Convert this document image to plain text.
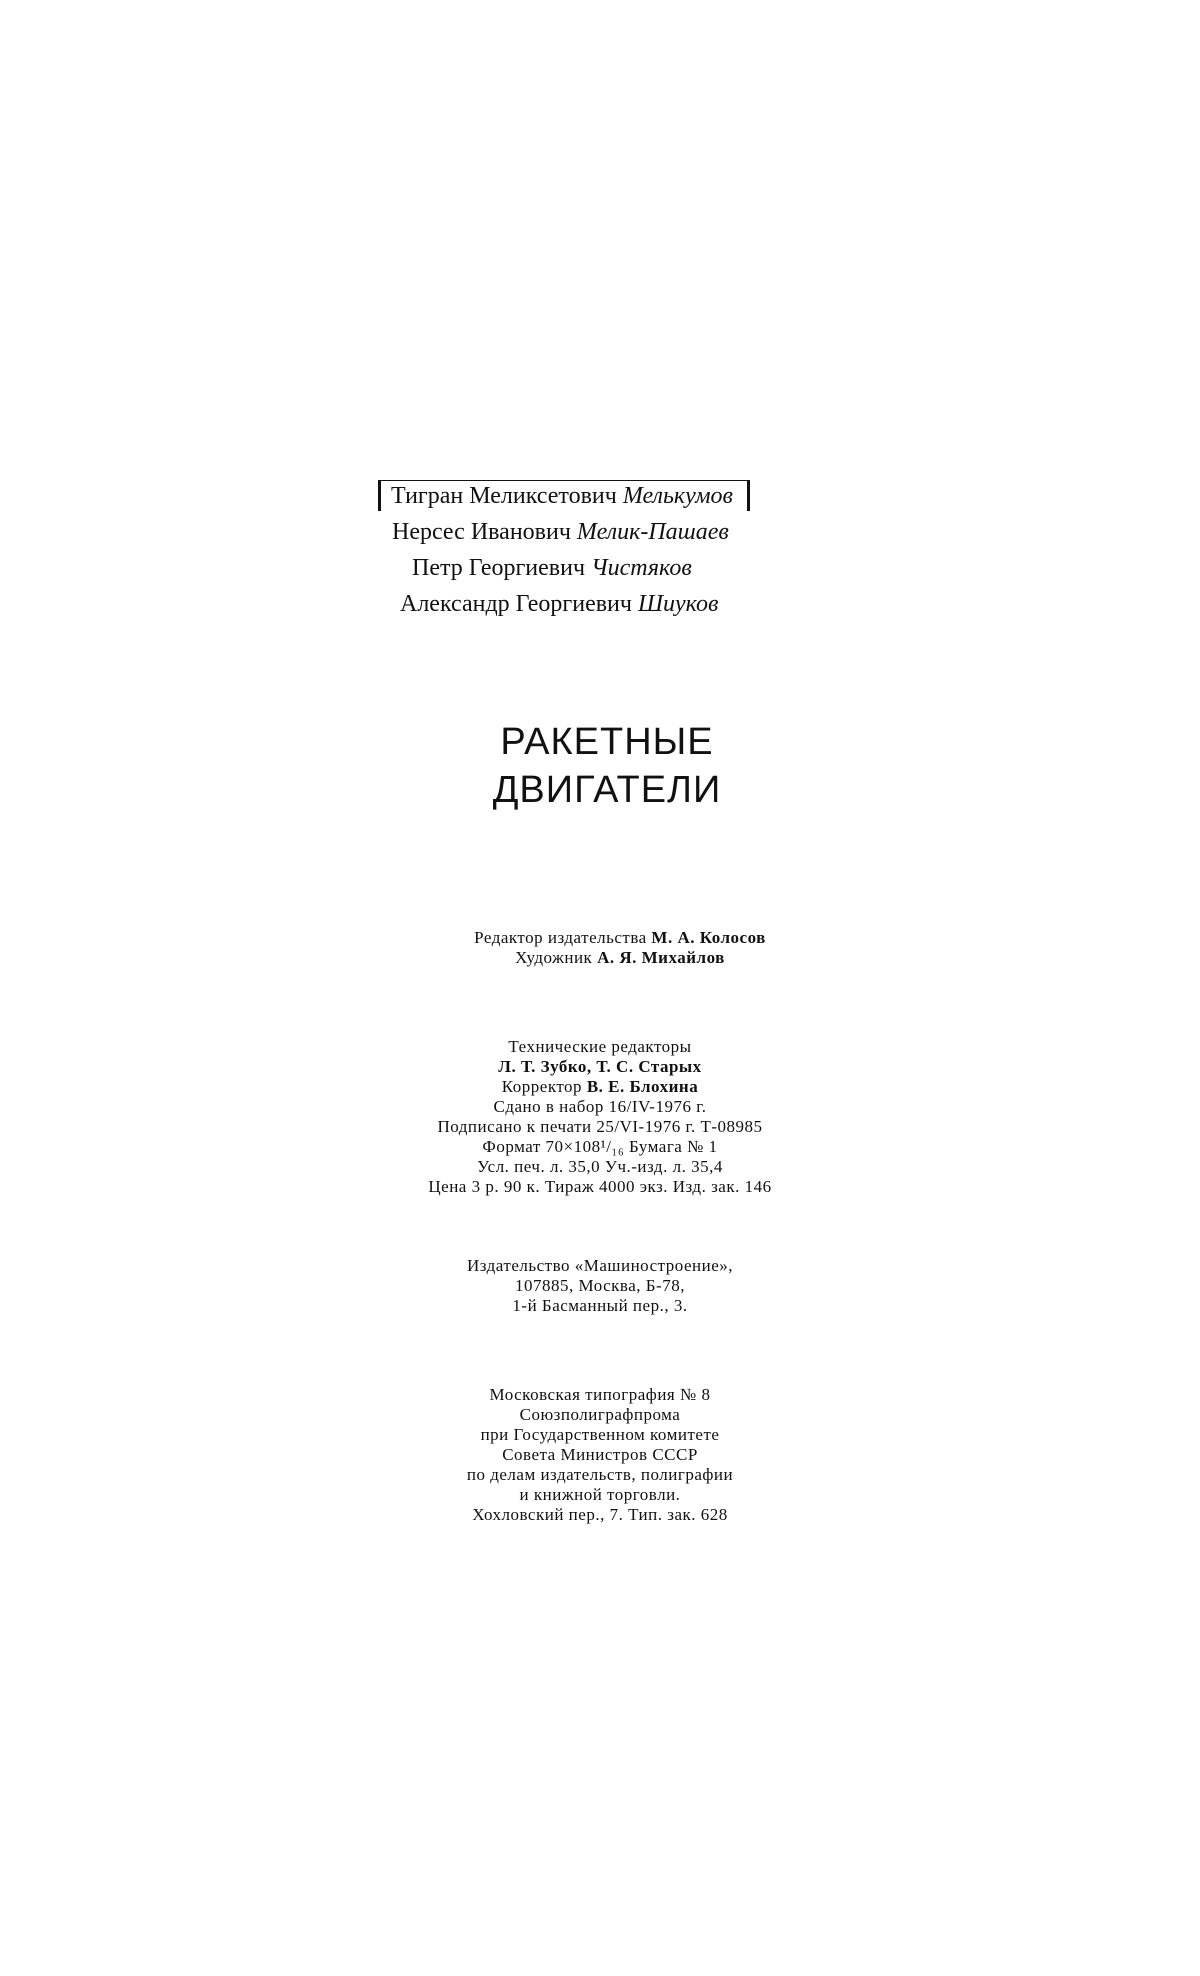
Тигран Меликсетович Мелькумов
Нерсес Иванович Мелик-Пашаев
Петр Георгиевич Чистяков
Александр Георгиевич Шиуков
РАКЕТНЫЕ
ДВИГАТЕЛИ
Редактор издательства М. А. Колосов
Художник А. Я. Михайлов
Технические редакторы
Л. Т. Зубко, Т. С. Старых
Корректор В. Е. Блохина
Сдано в набор 16/IV-1976 г.
Подписано к печати 25/VI-1976 г. Т-08985
Формат 70×108¹/₁₆ Бумага № 1
Усл. печ. л. 35,0 Уч.-изд. л. 35,4
Цена 3 р. 90 к. Тираж 4000 экз. Изд. зак. 146
Издательство «Машиностроение»,
107885, Москва, Б-78,
1-й Басманный пер., 3.
Московская типография № 8
Союзполиграфпрома
при Государственном комитете
Совета Министров СССР
по делам издательств, полиграфии
и книжной торговли.
Хохловский пер., 7. Тип. зак. 628
